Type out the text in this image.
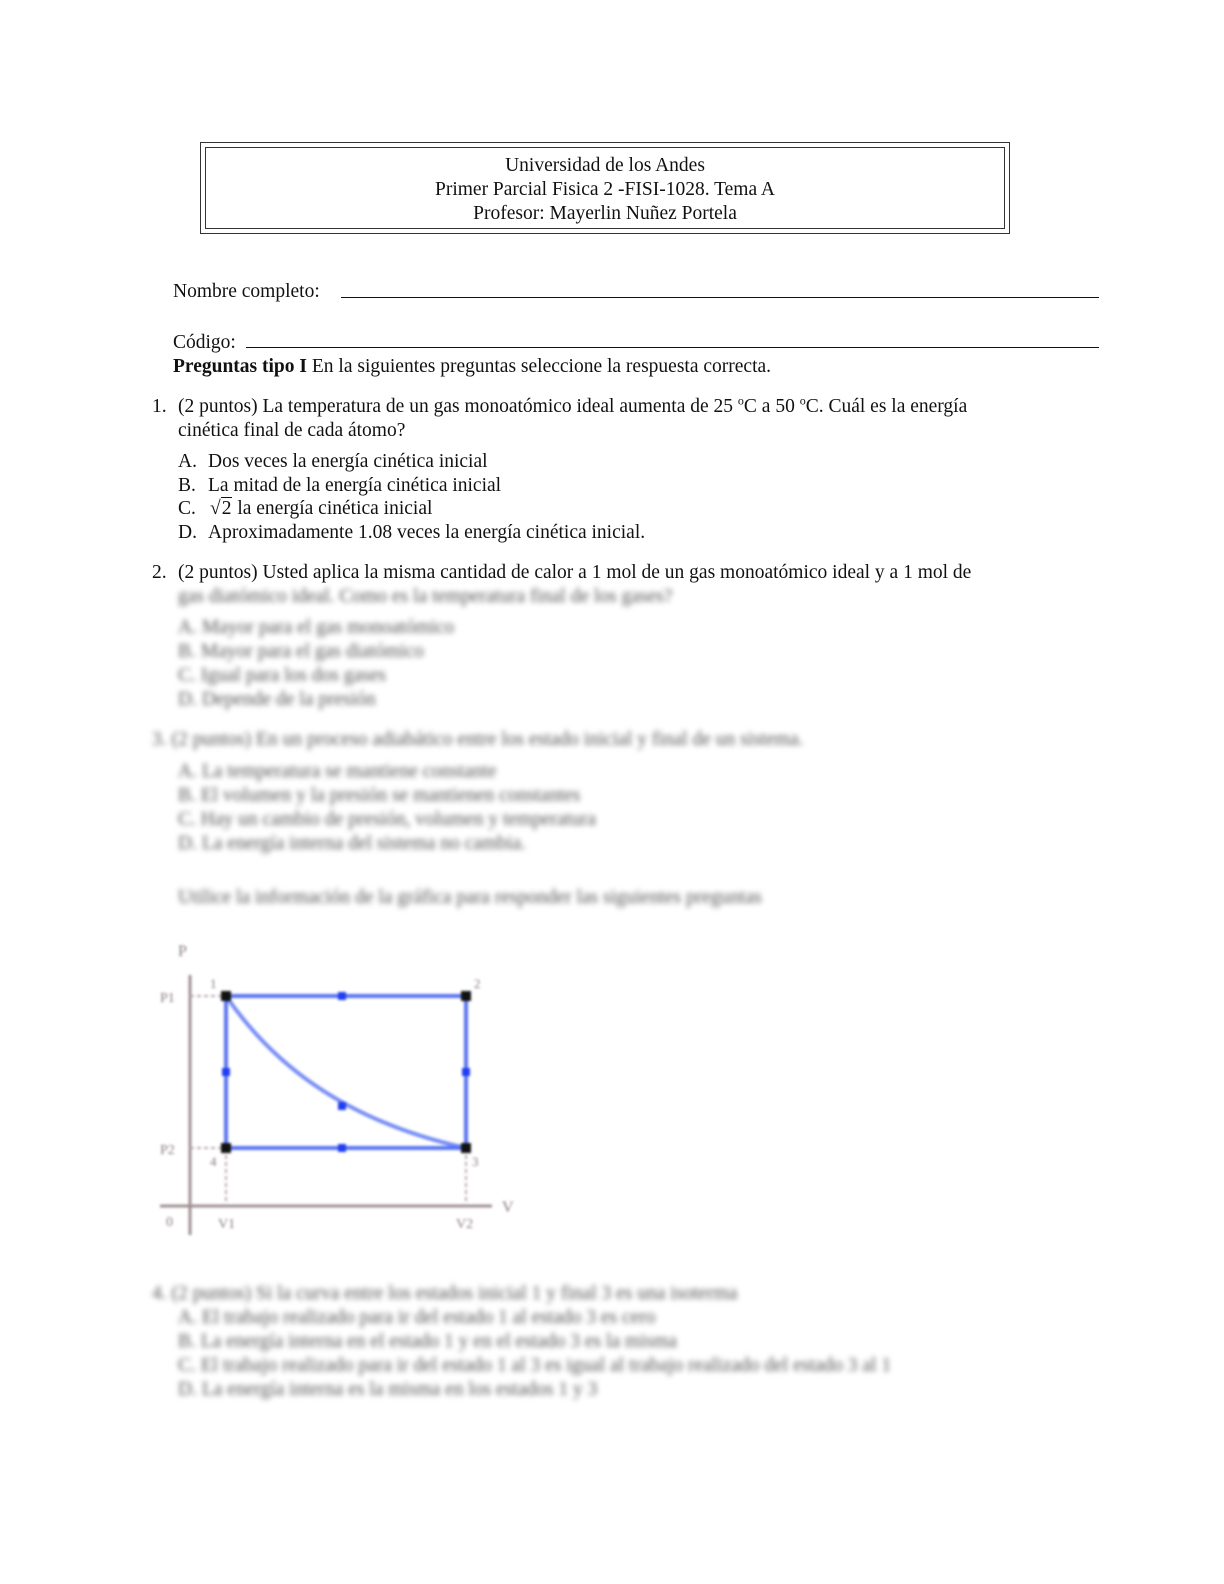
Universidad de los Andes
Primer Parcial Fisica 2 -FISI-1028. Tema A
Profesor: Mayerlin Nuñez Portela
Nombre completo:
Código:
Preguntas tipo I En la siguientes preguntas seleccione la respuesta correcta.
1. (2 puntos) La temperatura de un gas monoatómico ideal aumenta de 25 $^o$C a 50 $^o$C. Cuál es la energía
cinética final de cada átomo?
A. Dos veces la energía cinética inicial
B. La mitad de la energía cinética inicial
C. √2 la energía cinética inicial
D. Aproximadamente 1.08 veces la energía cinética inicial.
2. (2 puntos) Usted aplica la misma cantidad de calor a 1 mol de un gas monoatómico ideal y a 1 mol de
gas diatómico ideal. Como es la temperatura final de los gases?
A. Mayor para el gas monoatómico
B. Mayor para el gas diatómico
C. Igual para los dos gases
D. Depende de la presión
3. (2 puntos) En un proceso adiabático entre los estado inicial y final de un sistema.
A. La temperatura se mantiene constante
B. El volumen y la presión se mantienen constantes
C. Hay un cambio de presión, volumen y temperatura
D. La energía interna del sistema no cambia.
Utilice la información de la gráfica para responder las siguientes preguntas
P
V
0
P1
P2
V1	V2
1	2
3
4
4. (2 puntos) Si la curva entre los estados inicial 1 y final 3 es una isoterma
A. El trabajo realizado para ir del estado 1 al estado 3 es cero
B. La energía interna en el estado 1 y en el estado 3 es la misma
C. El trabajo realizado para ir del estado 1 al 3 es igual al trabajo realizado del estado 3 al 1
D. La energía interna es la misma en los estados 1 y 3
